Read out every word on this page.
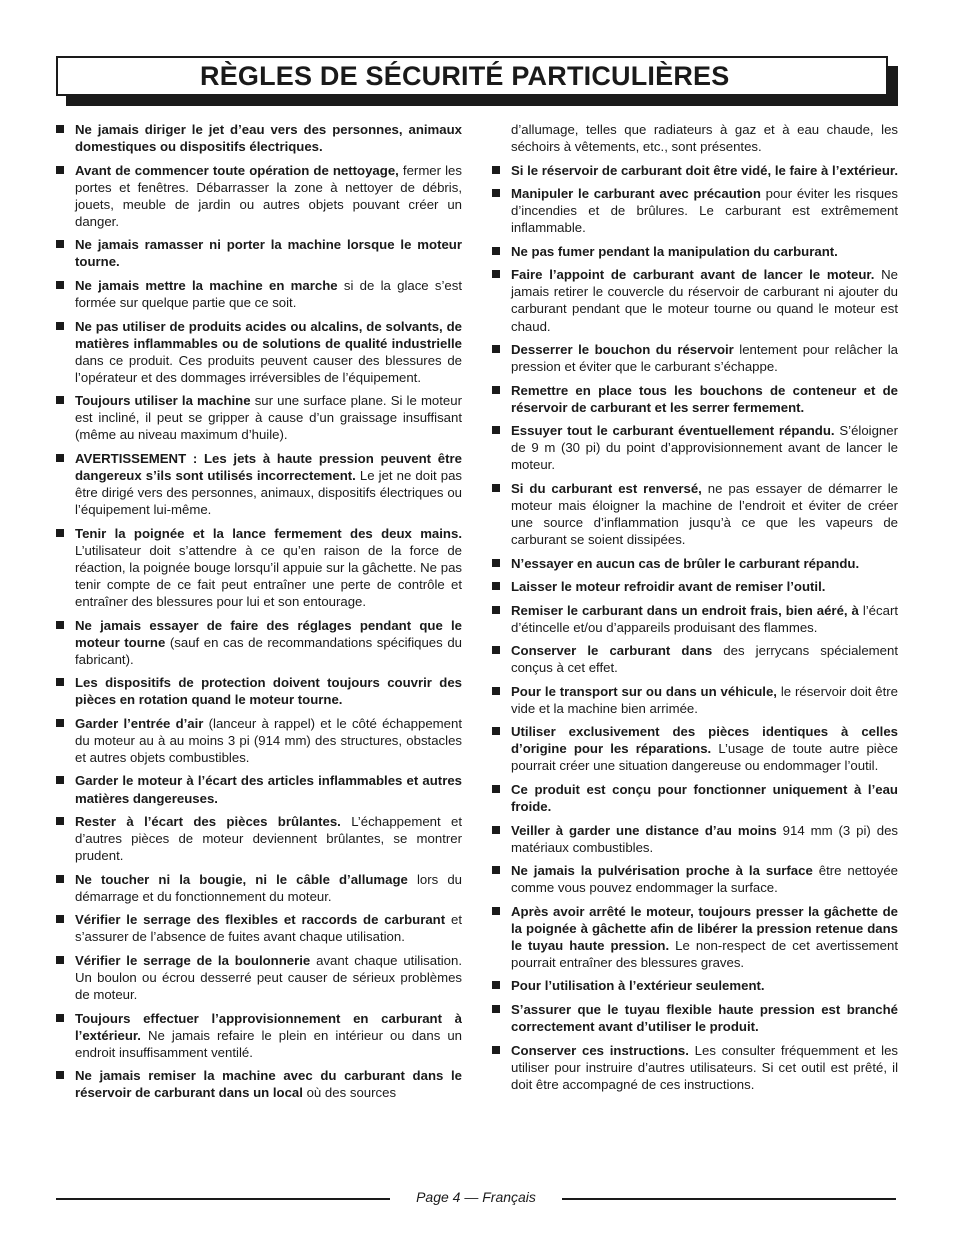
RÈGLES DE SÉCURITÉ PARTICULIÈRES
Ne jamais diriger le jet d’eau vers des personnes, animaux domestiques ou dispositifs électriques.
Avant de commencer toute opération de nettoyage, fermer les portes et fenêtres. Débarrasser la zone à nettoyer de débris, jouets, meuble de jardin ou autres objets pouvant créer un danger.
Ne jamais ramasser ni porter la machine lorsque le moteur tourne.
Ne jamais mettre la machine en marche si de la glace s’est formée sur quelque partie que ce soit.
Ne pas utiliser de produits acides ou alcalins, de solvants, de matières inflammables ou de solutions de qualité industrielle dans ce produit. Ces produits peuvent causer des blessures de l’opérateur et des dommages irréversibles de l’équipement.
Toujours utiliser la machine sur une surface plane. Si le moteur est incliné, il peut se gripper à cause d’un graissage insuffisant (même au niveau maximum d’huile).
AVERTISSEMENT : Les jets à haute pression peuvent être dangereux s’ils sont utilisés incorrectement. Le jet ne doit pas être dirigé vers des personnes, animaux, dispositifs électriques ou l’équipement lui-même.
Tenir la poignée et la lance fermement des deux mains. L’utilisateur doit s’attendre à ce qu’en raison de la force de réaction, la poignée bouge lorsqu’il appuie sur la gâchette. Ne pas tenir compte de ce fait peut entraîner une perte de contrôle et entraîner des blessures pour lui et son entourage.
Ne jamais essayer de faire des réglages pendant que le moteur tourne (sauf en cas de recommandations spécifiques du fabricant).
Les dispositifs de protection doivent toujours couvrir des pièces en rotation quand le moteur tourne.
Garder l’entrée d’air (lanceur à rappel) et le côté échappement du moteur au à au moins 3 pi (914 mm) des structures, obstacles et autres objets combustibles.
Garder le moteur à l’écart des articles inflammables et autres matières dangereuses.
Rester à l’écart des pièces brûlantes. L’échappement et d’autres pièces de moteur deviennent brûlantes, se montrer prudent.
Ne toucher ni la bougie, ni le câble d’allumage lors du démarrage et du fonctionnement du moteur.
Vérifier le serrage des flexibles et raccords de carburant et s’assurer de l’absence de fuites avant chaque utilisation.
Vérifier le serrage de la boulonnerie avant chaque utilisation. Un boulon ou écrou desserré peut causer de sérieux problèmes de moteur.
Toujours effectuer l’approvisionnement en carburant à l’extérieur. Ne jamais refaire le plein en intérieur ou dans un endroit insuffisamment ventilé.
Ne jamais remiser la machine avec du carburant dans le réservoir de carburant dans un local où des sources
d’allumage, telles que radiateurs à gaz et à eau chaude, les séchoirs à vêtements, etc., sont présentes.
Si le réservoir de carburant doit être vidé, le faire à l’extérieur.
Manipuler le carburant avec précaution pour éviter les risques d’incendies et de brûlures. Le carburant est extrêmement inflammable.
Ne pas fumer pendant la manipulation du carburant.
Faire l’appoint de carburant avant de lancer le moteur. Ne jamais retirer le couvercle du réservoir de carburant ni ajouter du carburant pendant que le moteur tourne ou quand le moteur est chaud.
Desserrer le bouchon du réservoir lentement pour relâcher la pression et éviter que le carburant s’échappe.
Remettre en place tous les bouchons de conteneur et de réservoir de carburant et les serrer fermement.
Essuyer tout le carburant éventuellement répandu. S’éloigner de 9 m (30 pi) du point d’approvisionnement avant de lancer le moteur.
Si du carburant est renversé, ne pas essayer de démarrer le moteur mais éloigner la machine de l’endroit et éviter de créer une source d’inflammation jusqu’à ce que les vapeurs de carburant se soient dissipées.
N’essayer en aucun cas de brûler le carburant répandu.
Laisser le moteur refroidir avant de remiser l’outil.
Remiser le carburant dans un endroit frais, bien aéré, à l’écart d’étincelle et/ou d’appareils produisant des flammes.
Conserver le carburant dans des jerrycans spécialement conçus à cet effet.
Pour le transport sur ou dans un véhicule, le réservoir doit être vide et la machine bien arrimée.
Utiliser exclusivement des pièces identiques à celles d’origine pour les réparations. L’usage de toute autre pièce pourrait créer une situation dangereuse ou endommager l’outil.
Ce produit est conçu pour fonctionner uniquement à l’eau froide.
Veiller à garder une distance d’au moins 914 mm (3 pi) des matériaux combustibles.
Ne jamais la pulvérisation proche à la surface être nettoyée comme vous pouvez endommager la surface.
Après avoir arrêté le moteur, toujours presser la gâchette de la poignée à gâchette afin de libérer la pression retenue dans le tuyau haute pression. Le non-respect de cet avertissement pourrait entraîner des blessures graves.
Pour l’utilisation à l’extérieur seulement.
S’assurer que le tuyau flexible haute pression est branché correctement avant d’utiliser le produit.
Conserver ces instructions. Les consulter fréquemment et les utiliser pour instruire d’autres utilisateurs. Si cet outil est prêté, il doit être accompagné de ces instructions.
Page 4 — Français
